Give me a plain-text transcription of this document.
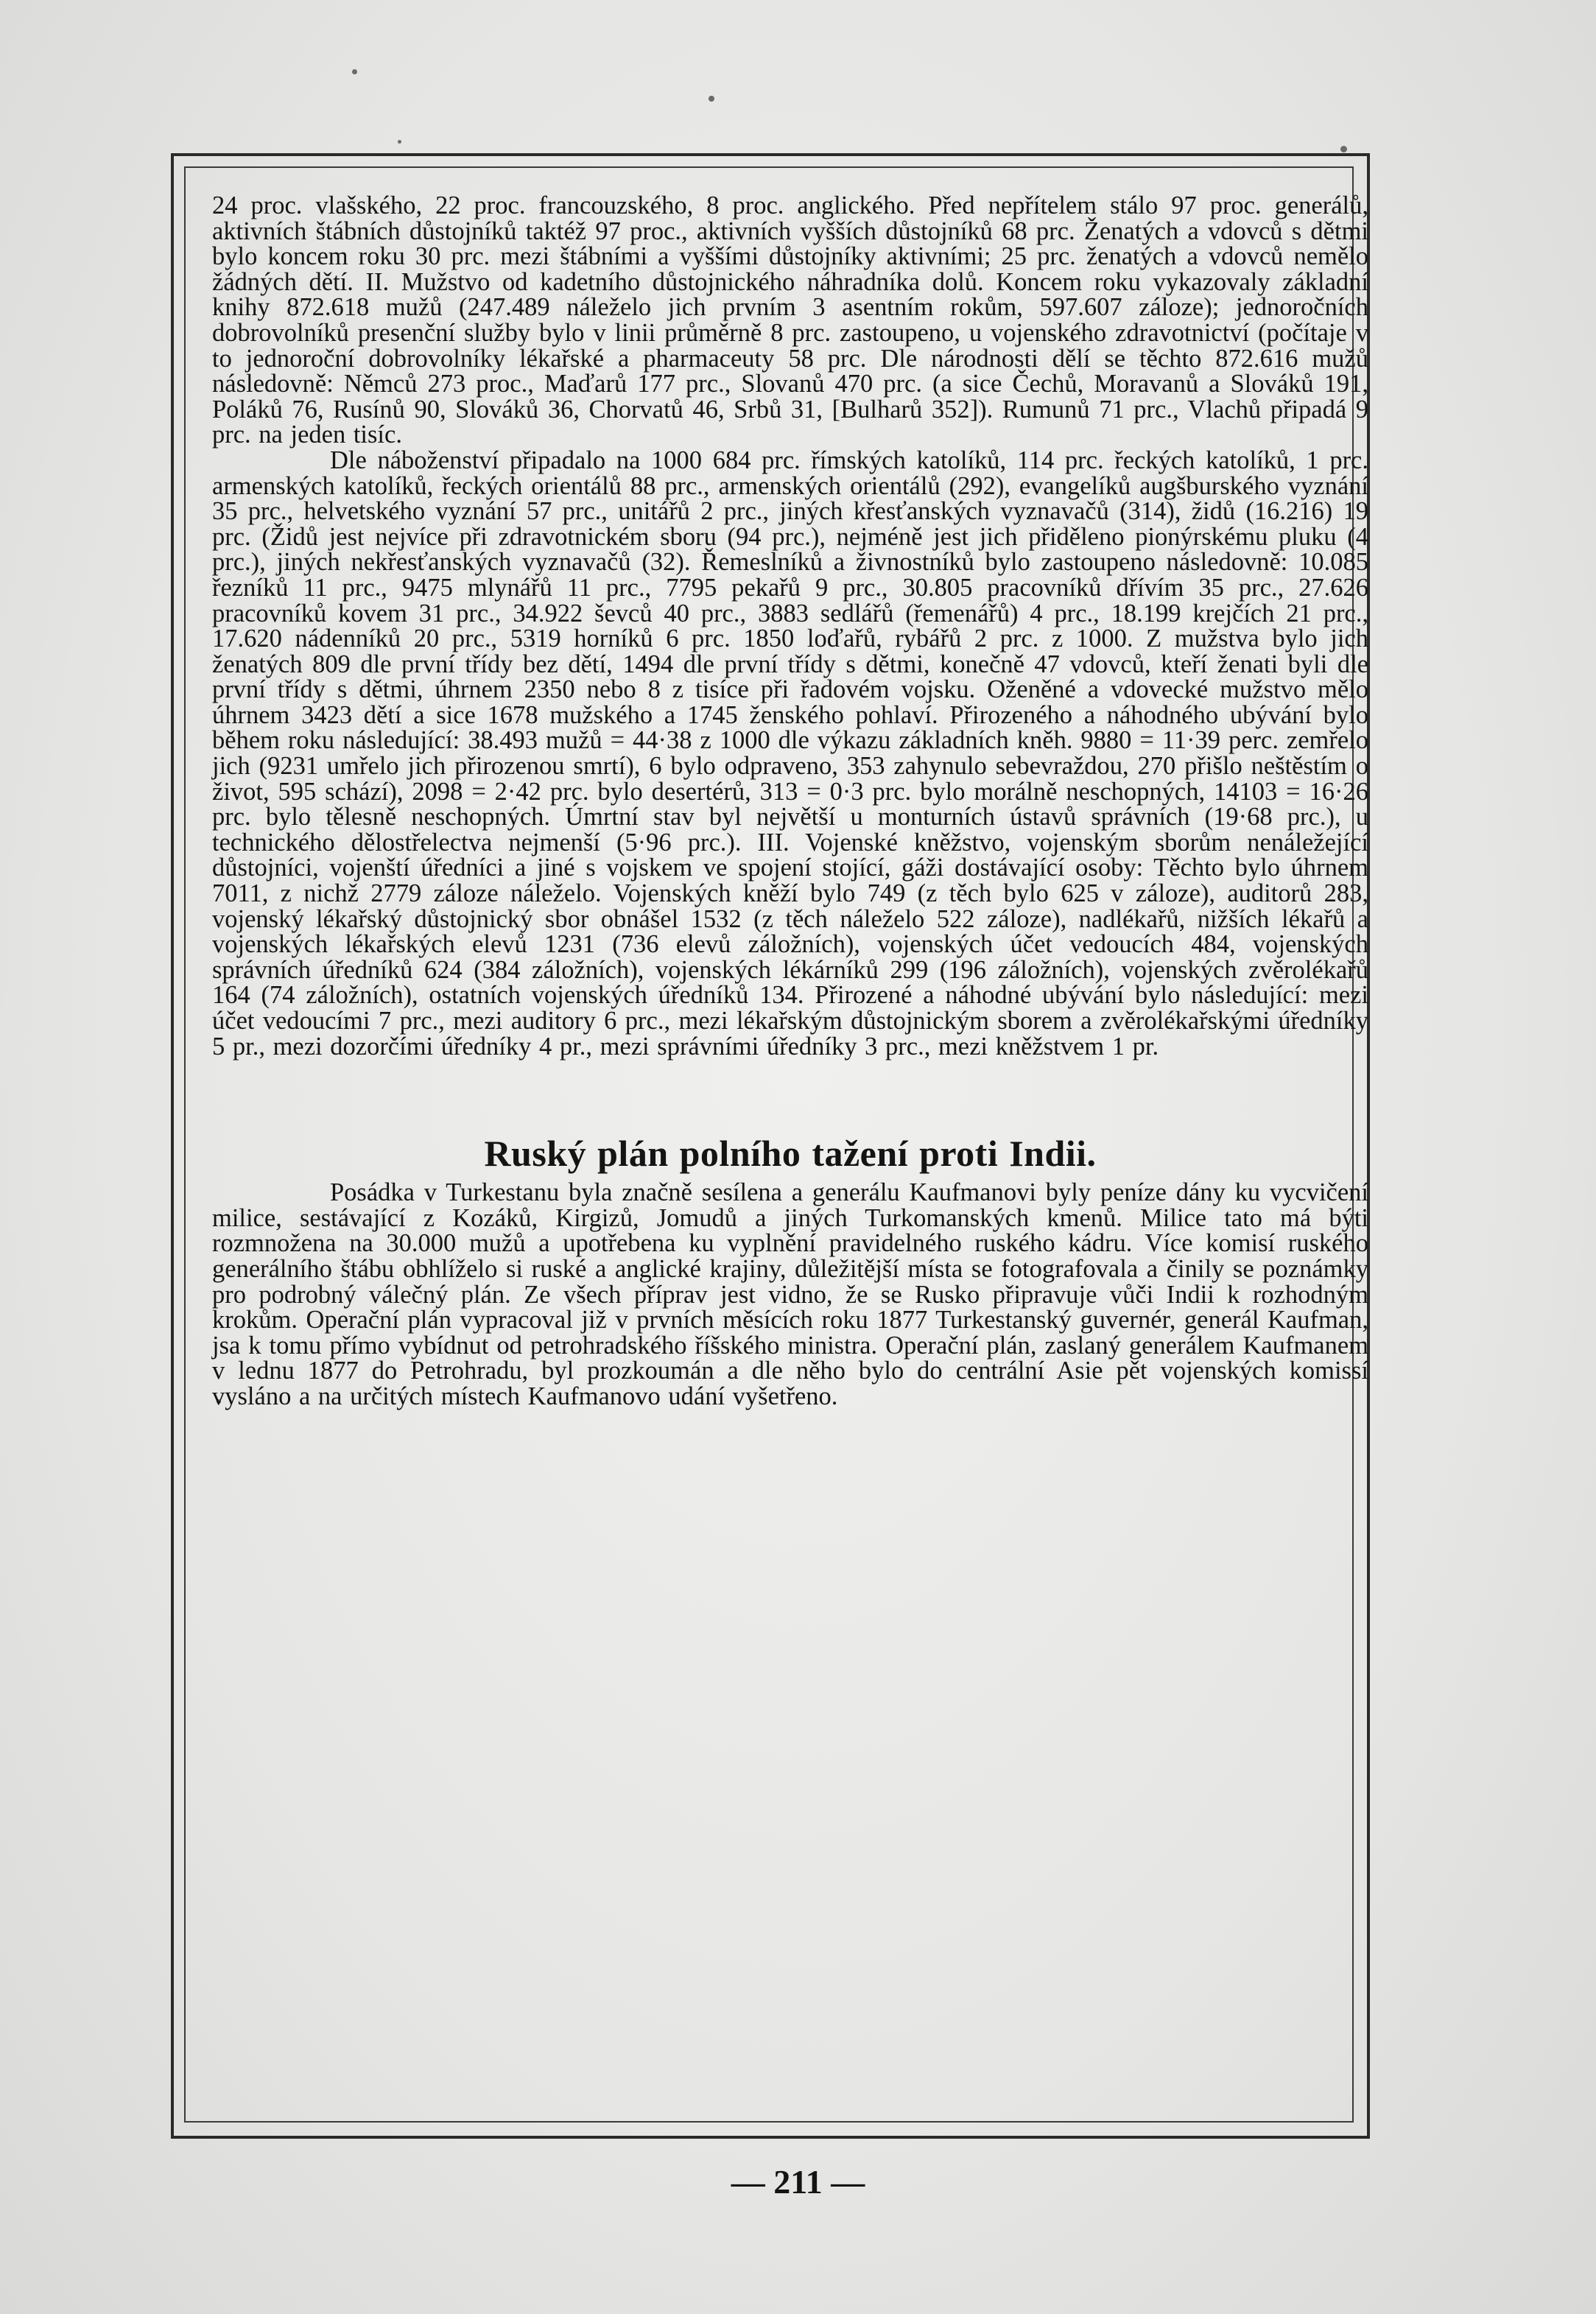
24 proc. vlašského, 22 proc. francouzského, 8 proc. anglického. Před nepřítelem stálo 97 proc. generálů, aktivních štábních důstojníků taktéž 97 proc., aktivních vyšších důstojníků 68 prc. Ženatých a vdovců s dětmi bylo koncem roku 30 prc. mezi štábními a vyššími důstojníky aktivními; 25 prc. ženatých a vdovců nemělo žádných dětí. II. Mužstvo od kadetního důstojnického náhradníka dolů. Koncem roku vykazovaly základní knihy 872.618 mužů (247.489 náleželo jich prvním 3 asentním rokům, 597.607 záloze); jednoročních dobrovolníků presenční služby bylo v linii průměrně 8 prc. zastoupeno, u vojenského zdravotnictví (počítaje v to jednoroční dobrovolníky lékařské a pharmaceuty 58 prc. Dle národnosti dělí se těchto 872.616 mužů následovně: Němců 273 proc., Maďarů 177 prc., Slovanů 470 prc. (a sice Čechů, Moravanů a Slováků 191, Poláků 76, Rusínů 90, Slováků 36, Chorvatů 46, Srbů 31, [Bulharů 352]). Rumunů 71 prc., Vlachů připadá 9 prc. na jeden tisíc.

Dle náboženství připadalo na 1000 684 prc. římských katolíků, 114 prc. řeckých katolíků, 1 prc. armenských katolíků, řeckých orientálů 88 prc., armenských orientálů (292), evangelíků augšburského vyznání 35 prc., helvetského vyznání 57 prc., unitářů 2 prc., jiných křesťanských vyznavačů (314), židů (16.216) 19 prc. (Židů jest nejvíce při zdravotnickém sboru (94 prc.), nejméně jest jich přiděleno pionýrskému pluku (4 prc.), jiných nekřesťanských vyznavačů (32). Řemeslníků a živnostníků bylo zastoupeno následovně: 10.085 řezníků 11 prc., 9475 mlynářů 11 prc., 7795 pekařů 9 prc., 30.805 pracovníků dřívím 35 prc., 27.626 pracovníků kovem 31 prc., 34.922 ševců 40 prc., 3883 sedlářů (řemenářů) 4 prc., 18.199 krejčích 21 prc., 17.620 nádenníků 20 prc., 5319 horníků 6 prc. 1850 loďařů, rybářů 2 prc. z 1000. Z mužstva bylo jich ženatých 809 dle první třídy bez dětí, 1494 dle první třídy s dětmi, konečně 47 vdovců, kteří ženati byli dle první třídy s dětmi, úhrnem 2350 nebo 8 z tisíce při řadovém vojsku. Oženěné a vdovecké mužstvo mělo úhrnem 3423 dětí a sice 1678 mužského a 1745 ženského pohlaví. Přirozeného a náhodného ubývání bylo během roku následující: 38.493 mužů = 44·38 z 1000 dle výkazu základních kněh. 9880 = 11·39 perc. zemřelo jich (9231 umřelo jich přirozenou smrtí), 6 bylo odpraveno, 353 zahynulo sebevraždou, 270 přišlo neštěstím o život, 595 schází), 2098 = 2·42 prc. bylo desertérů, 313 = 0·3 prc. bylo morálně neschopných, 14103 = 16·26 prc. bylo tělesně neschopných. Úmrtní stav byl největší u monturních ústavů správních (19·68 prc.), u technického dělostřelectva nejmenší (5·96 prc.). III. Vojenské kněžstvo, vojenským sborům nenáležející důstojníci, vojenští úředníci a jiné s vojskem ve spojení stojící, gáži dostávající osoby: Těchto bylo úhrnem 7011, z nichž 2779 záloze náleželo. Vojenských kněží bylo 749 (z těch bylo 625 v záloze), auditorů 283, vojenský lékařský důstojnický sbor obnášel 1532 (z těch náleželo 522 záloze), nadlékařů, nižších lékařů a vojenských lékařských elevů 1231 (736 elevů záložních), vojenských účet vedoucích 484, vojenských správních úředníků 624 (384 záložních), vojenských lékárníků 299 (196 záložních), vojenských zvěrolékařů 164 (74 záložních), ostatních vojenských úředníků 134. Přirozené a náhodné ubývání bylo následující: mezi účet vedoucími 7 prc., mezi auditory 6 prc., mezi lékařským důstojnickým sborem a zvěrolékařskými úředníky 5 pr., mezi dozorčími úředníky 4 pr., mezi správními úředníky 3 prc., mezi kněžstvem 1 pr.

Ruský plán polního tažení proti Indii.

Posádka v Turkestanu byla značně sesílena a generálu Kaufmanovi byly peníze dány ku vycvičení milice, sestávající z Kozáků, Kirgizů, Jomudů a jiných Turkomanských kmenů. Milice tato má býti rozmnožena na 30.000 mužů a upotřebena ku vyplnění pravidelného ruského kádru. Více komisí ruského generálního štábu obhlíželo si ruské a anglické krajiny, důležitější místa se fotografovala a činily se poznámky pro podrobný válečný plán. Ze všech příprav jest vidno, že se Rusko připravuje vůči Indii k rozhodným krokům. Operační plán vypracoval již v prvních měsících roku 1877 Turkestanský guvernér, generál Kaufman, jsa k tomu přímo vybídnut od petrohradského říšského ministra. Operační plán, zaslaný generálem Kaufmanem v lednu 1877 do Petrohradu, byl prozkoumán a dle něho bylo do centrální Asie pět vojenských komissí vysláno a na určitých místech Kaufmanovo udání vyšetřeno.

— 211 —
